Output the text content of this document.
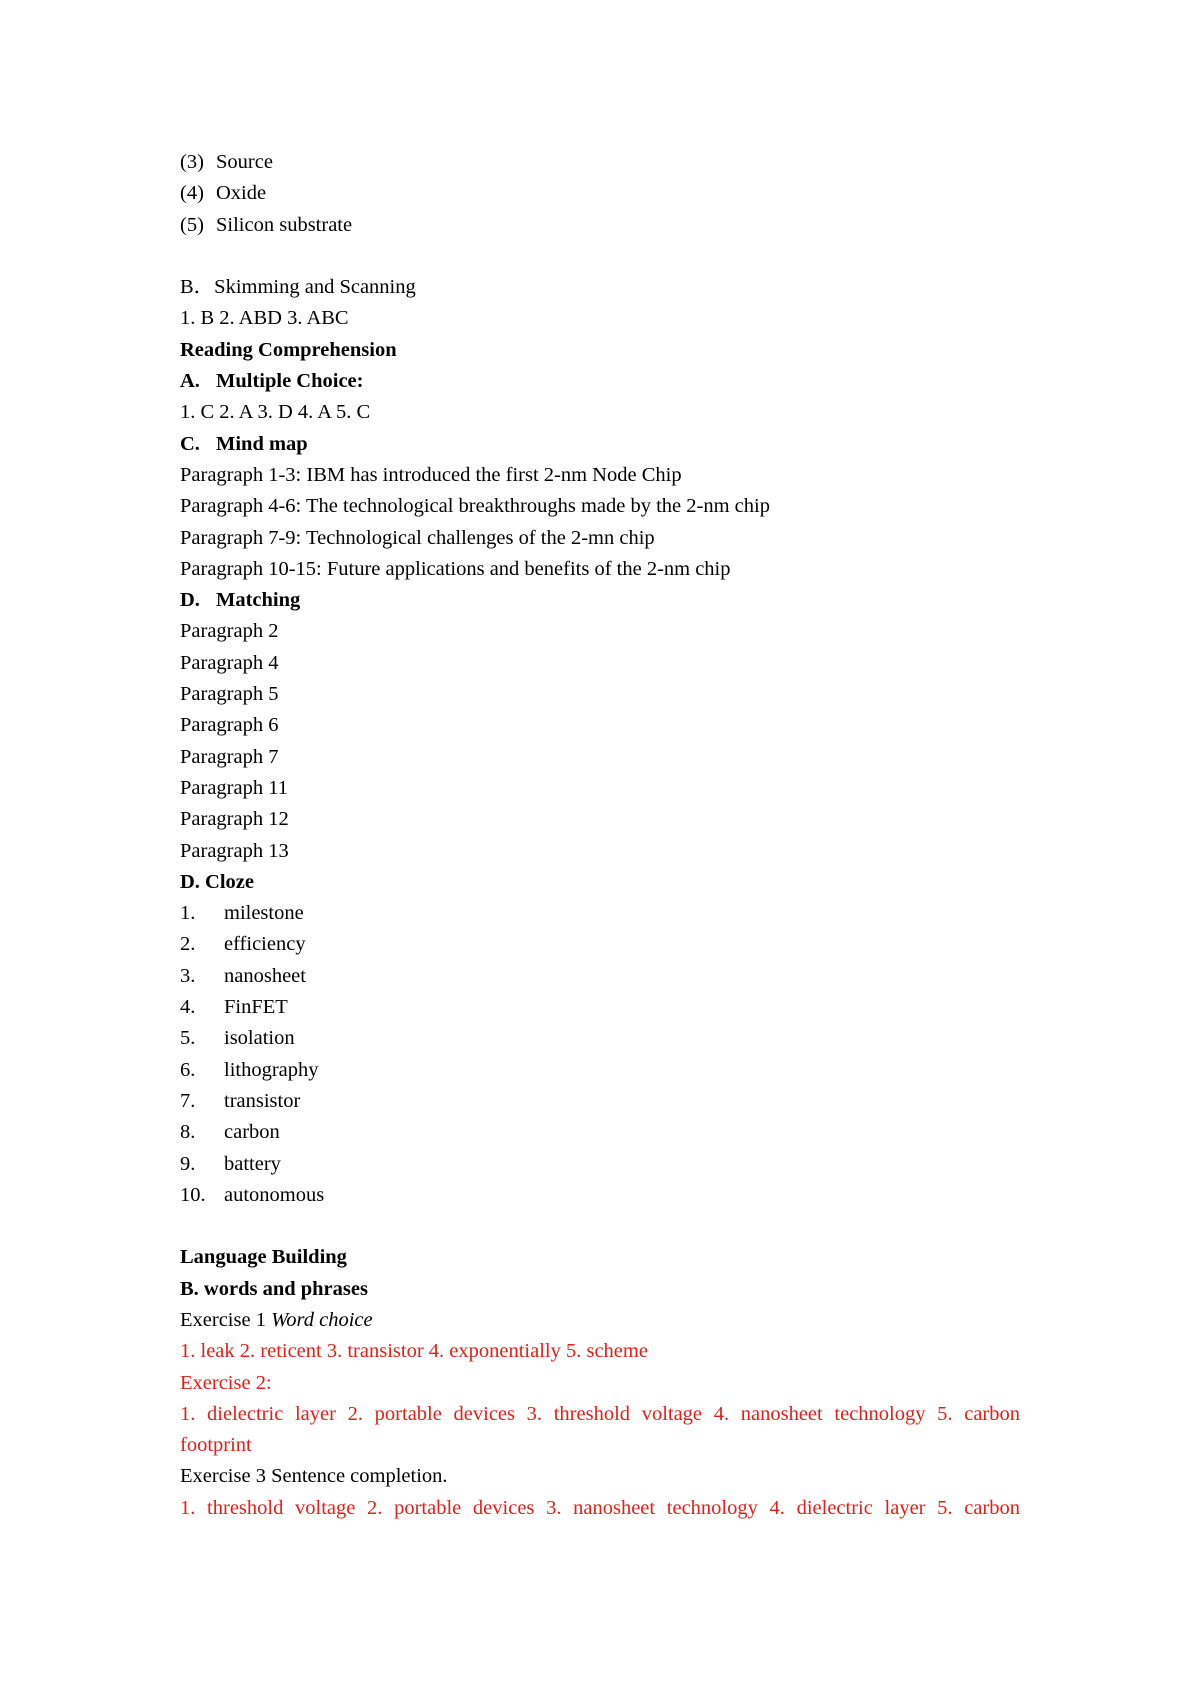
(3) Source
(4) Oxide
(5) Silicon substrate
B．Skimming and Scanning
1. B 2. ABD 3. ABC
Reading Comprehension
A. Multiple Choice:
1. C 2. A 3. D 4. A 5. C
C. Mind map
Paragraph 1-3: IBM has introduced the first 2-nm Node Chip
Paragraph 4-6: The technological breakthroughs made by the 2-nm chip
Paragraph 7-9: Technological challenges of the 2-mn chip
Paragraph 10-15: Future applications and benefits of the 2-nm chip
D. Matching
Paragraph 2
Paragraph 4
Paragraph 5
Paragraph 6
Paragraph 7
Paragraph 11
Paragraph 12
Paragraph 13
D. Cloze
1. milestone
2. efficiency
3. nanosheet
4. FinFET
5. isolation
6. lithography
7. transistor
8. carbon
9. battery
10. autonomous
Language Building
B. words and phrases
Exercise 1 Word choice
1. leak 2. reticent 3. transistor 4. exponentially 5. scheme
Exercise 2:
1. dielectric layer 2. portable devices 3. threshold voltage 4. nanosheet technology 5. carbon
footprint
Exercise 3 Sentence completion.
1. threshold voltage 2. portable devices 3. nanosheet technology 4. dielectric layer 5. carbon
